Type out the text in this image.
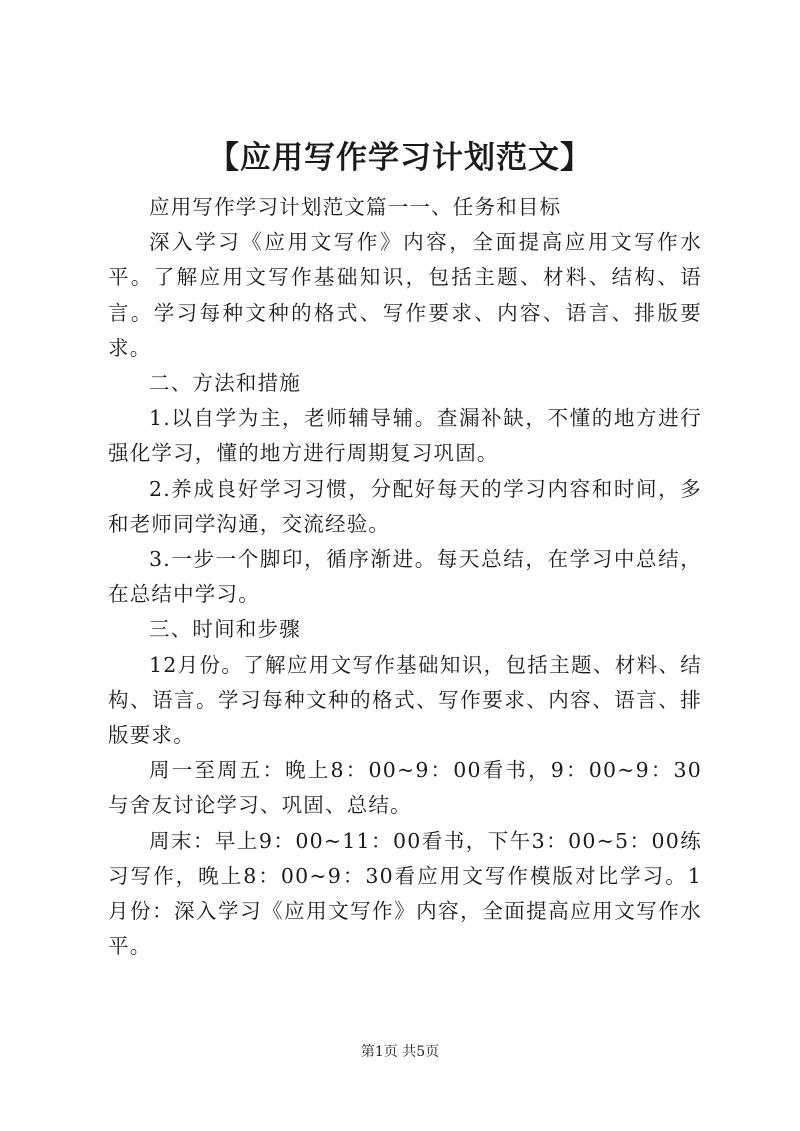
【应用写作学习计划范文】

应用写作学习计划范文篇一一、任务和目标

深入学习《应用文写作》内容，全面提高应用文写作水平。了解应用文写作基础知识，包括主题、材料、结构、语言。学习每种文种的格式、写作要求、内容、语言、排版要求。

二、方法和措施

1.以自学为主，老师辅导辅。查漏补缺，不懂的地方进行强化学习，懂的地方进行周期复习巩固。

2.养成良好学习习惯，分配好每天的学习内容和时间，多和老师同学沟通，交流经验。

3.一步一个脚印，循序渐进。每天总结，在学习中总结，在总结中学习。

三、时间和步骤

12月份。了解应用文写作基础知识，包括主题、材料、结构、语言。学习每种文种的格式、写作要求、内容、语言、排版要求。

周一至周五：晚上8：00~9：00看书，9：00~9：30与舍友讨论学习、巩固、总结。

周末：早上9：00~11：00看书，下午3：00~5：00练习写作，晚上8：00~9：30看应用文写作模版对比学习。1月份：深入学习《应用文写作》内容，全面提高应用文写作水平。

第1页 共5页
